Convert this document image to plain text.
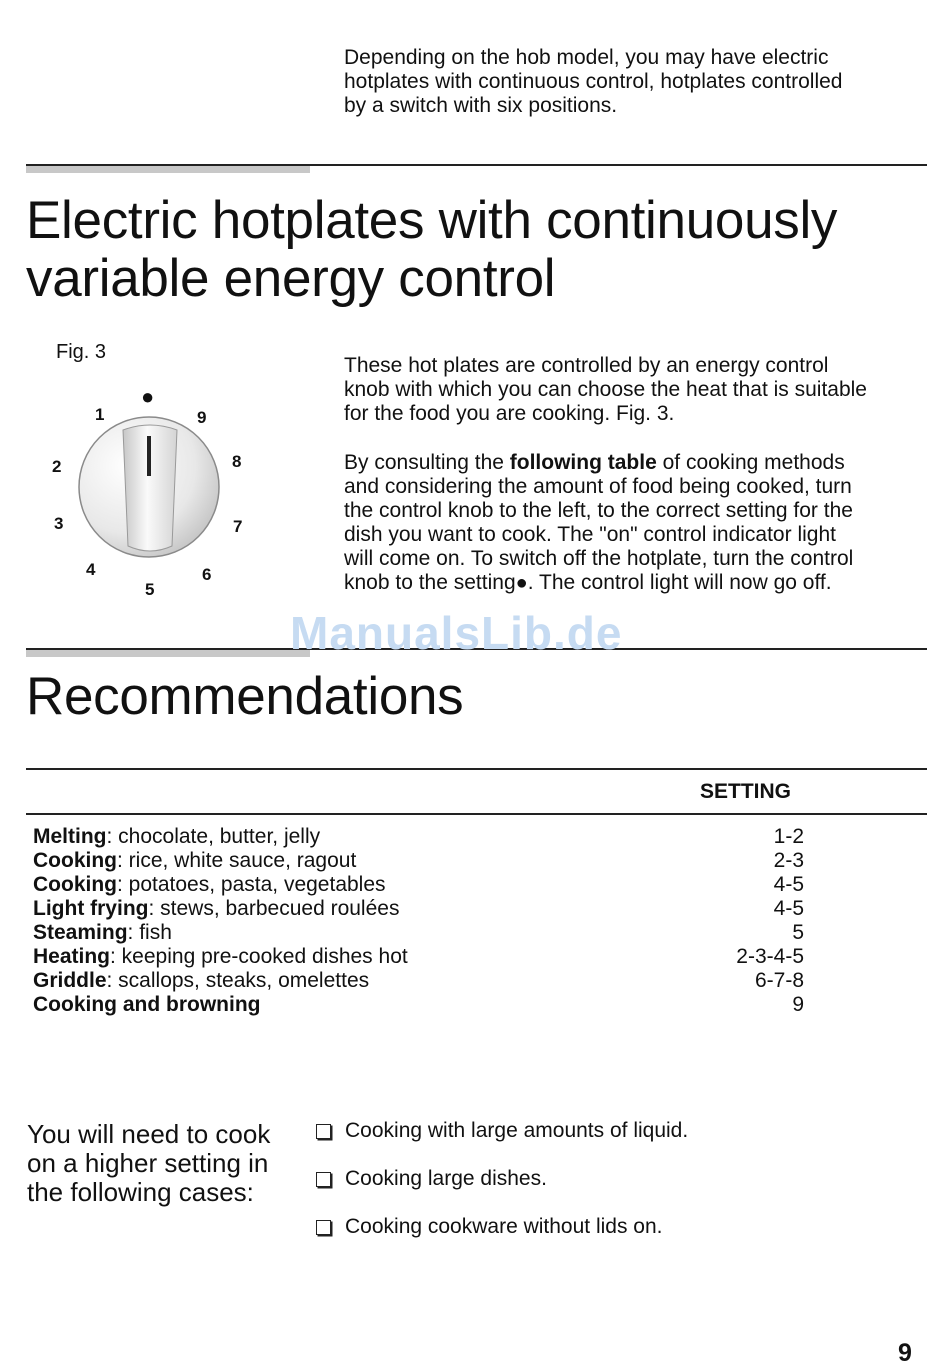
Depending on the hob model, you may have electric
hotplates with continuous control, hotplates controlled
by a switch with six positions.
Electric hotplates with continuously
variable energy control
Fig. 3
●
1
2
3
4
5
6
7
8
9
These hot plates are controlled by an energy control
knob with which you can choose the heat that is suitable
for the food you are cooking. Fig. 3.
By consulting the following table of cooking methods
and considering the amount of food being cooked, turn
the control knob to the left, to the correct setting for the
dish you want to cook. The "on" control indicator light
will come on. To switch off the hotplate, turn the control
knob to the setting●. The control light will now go off.
ManualsLib.de
Recommendations
SETTING
Melting: chocolate, butter, jelly	1-2
Cooking: rice, white sauce, ragout	2-3
Cooking: potatoes, pasta, vegetables	4-5
Light frying: stews, barbecued roulées	4-5
Steaming: fish	5
Heating: keeping pre-cooked dishes hot	2-3-4-5
Griddle: scallops, steaks, omelettes	6-7-8
Cooking and browning	9
You will need to cook
on a higher setting in
the following cases:
Cooking with large amounts of liquid.
Cooking large dishes.
Cooking cookware without lids on.
9
